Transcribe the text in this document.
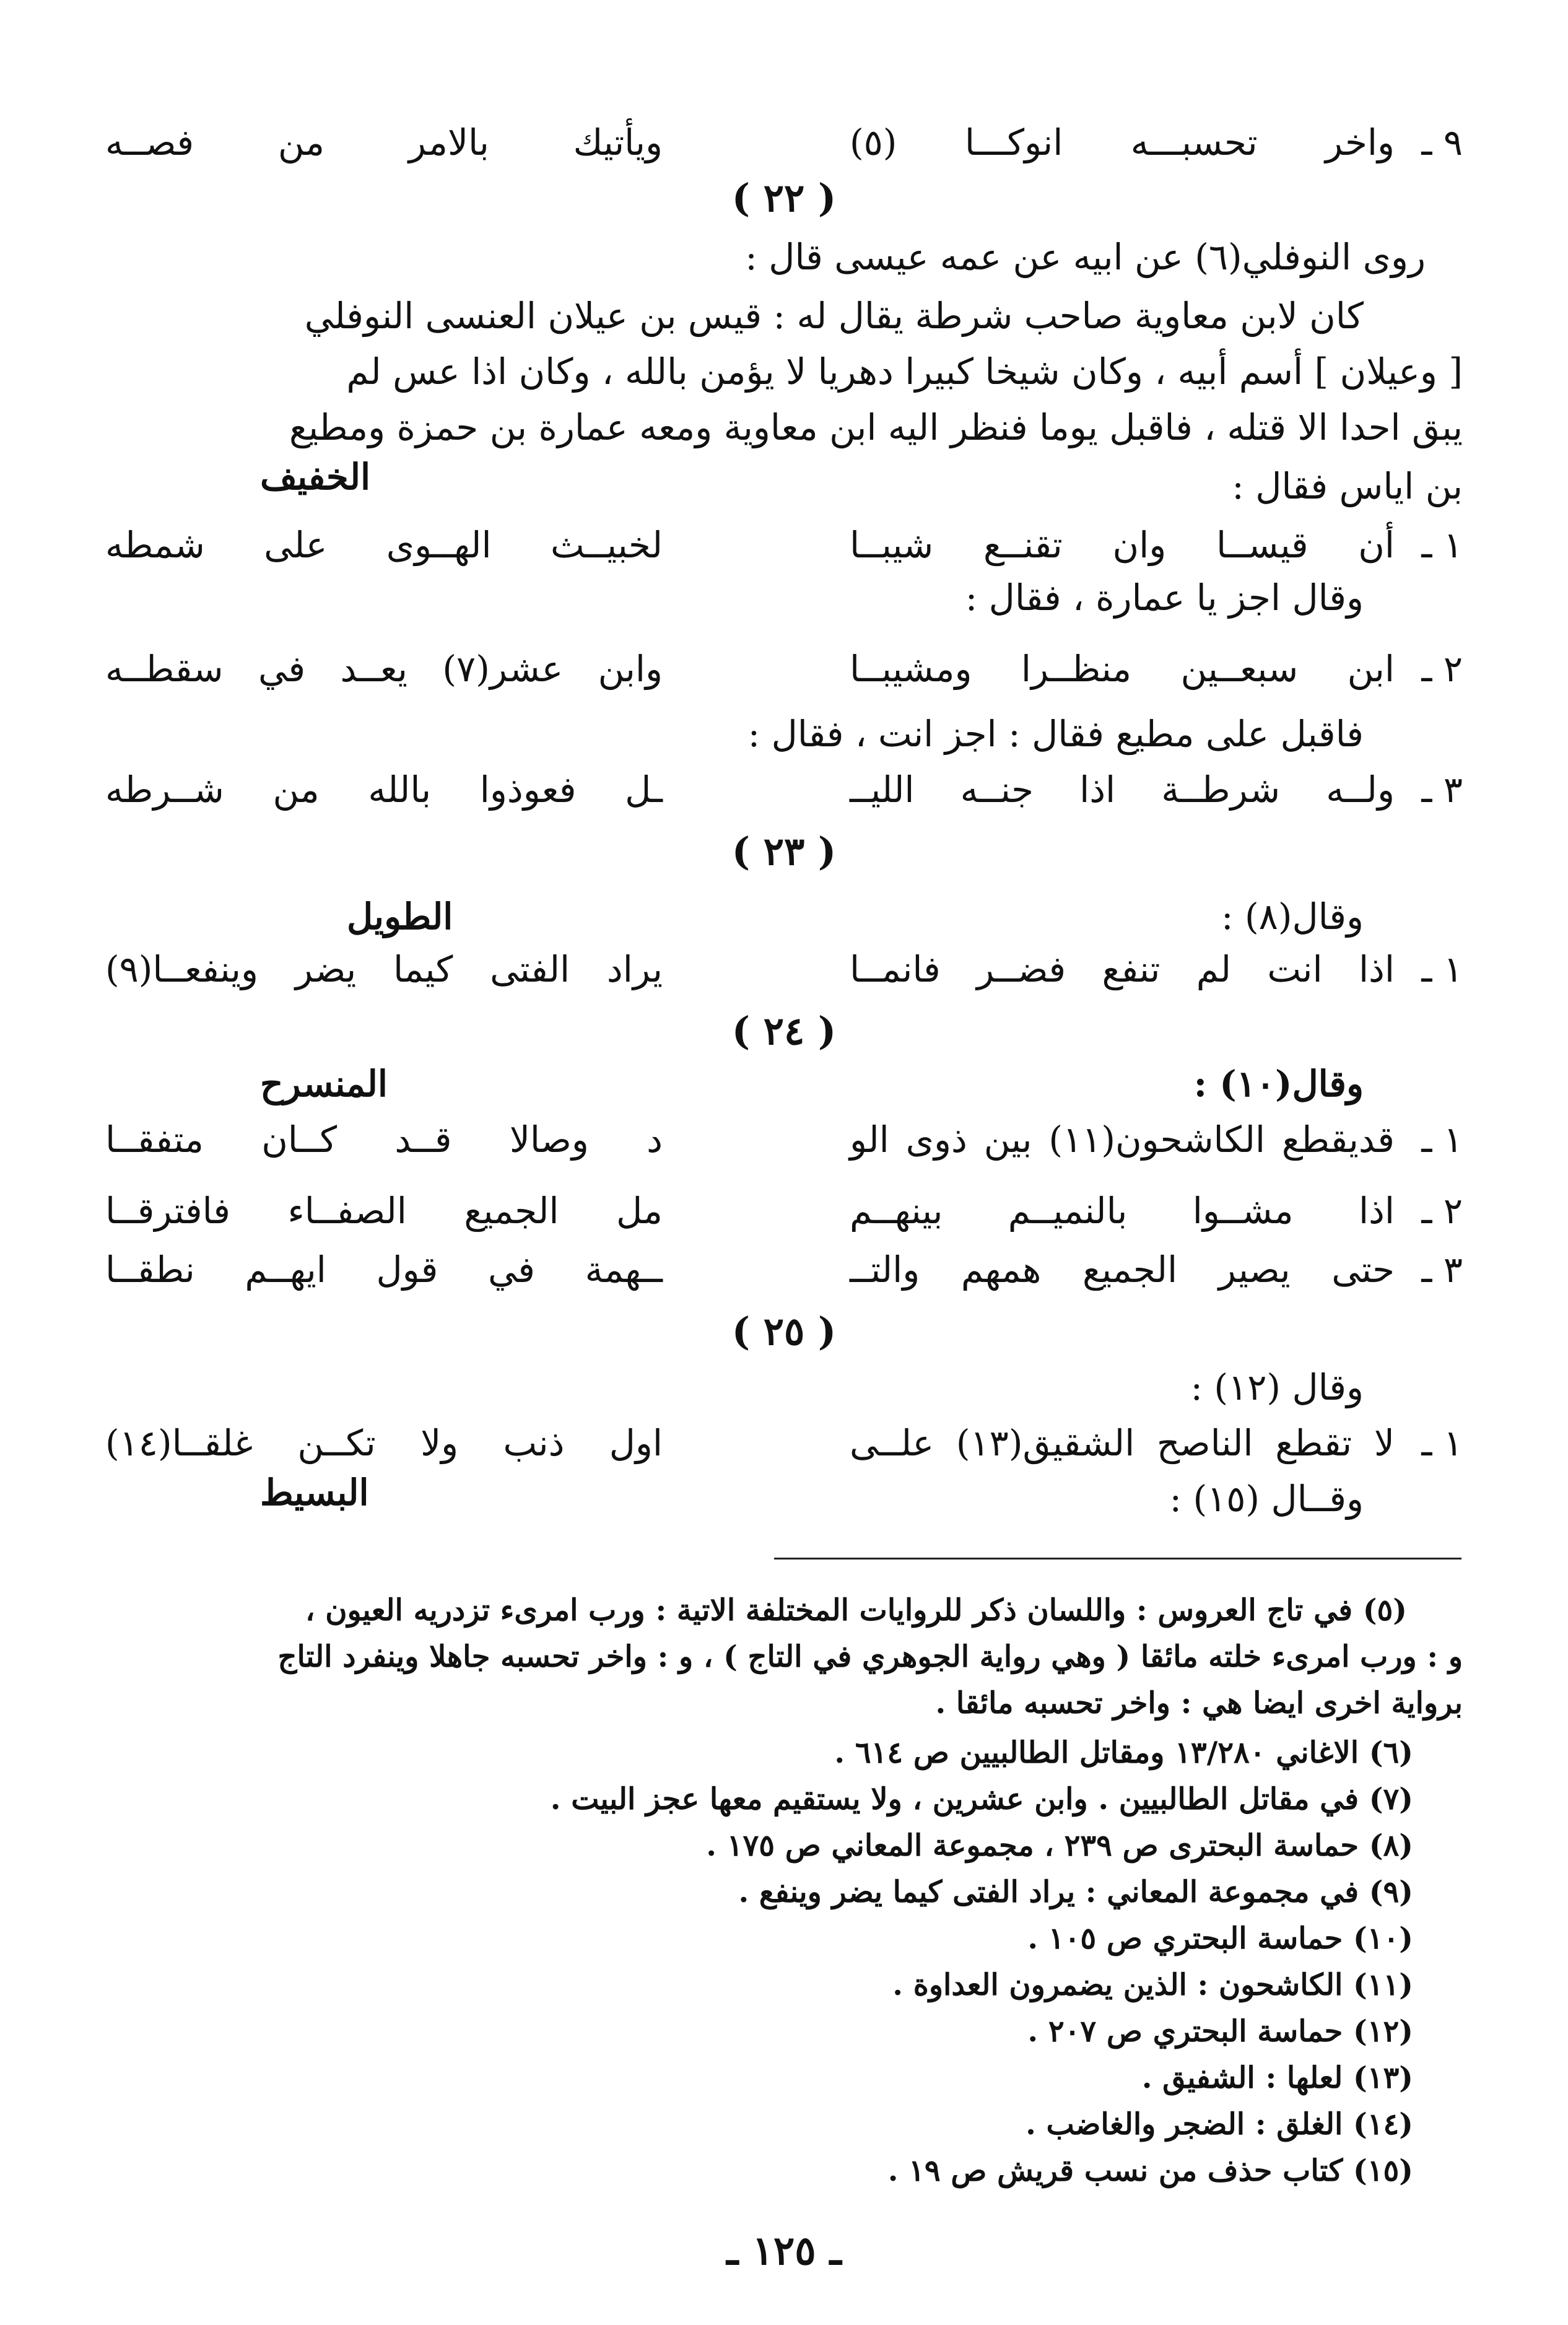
٩ ـ
واخر تحسبـــه انوكـــا (٥)
ويأتيك بالامر من فصــه
( ٢٢ )
روى النوفلي(٦) عن ابيه عن عمه عيسى قال :
كان لابن معاوية صاحب شرطة يقال له : قيس بن عيلان العنسى النوفلي
[ وعيلان ] أسم أبيه ، وكان شيخا كبيرا دهريا لا يؤمن بالله ، وكان اذا عس لم
يبق احدا الا قتله ، فاقبل يوما فنظر اليه ابن معاوية ومعه عمارة بن حمزة ومطيع
بن اياس فقال :
الخفيف
١ ـ
أن قيســا وان تقنــع شيبــا
لخبيــث الهــوى على شمطه
وقال اجز يا عمارة ، فقال :
٢ ـ
ابن سبعــين منظــرا ومشيبــا
وابن عشر(٧) يعــد في سقطــه
فاقبل على مطيع فقال : اجز انت ، فقال :
٣ ـ
ولــه شرطــة اذا جنــه الليــ
ـل فعوذوا بالله من شــرطه
( ٢٣ )
وقال(٨) :
الطويل
١ ـ
اذا انت لم تنفع فضــر فانمــا
يراد الفتى كيما يضر وينفعــا(٩)
( ٢٤ )
وقال(١٠) :
المنسرح
١ ـ
قديقطع الكاشحون(١١) بين ذوى الو
د وصالا قــد كــان متفقــا
٢ ـ
اذا مشــوا بالنميــم بينهــم
مل الجميع الصفــاء فافترقــا
٣ ـ
حتى يصير الجميع همهم والتــ
ــهمة في قول ايهــم نطقــا
( ٢٥ )
وقال (١٢) :
١ ـ
لا تقطع الناصح الشقيق(١٣) علــى
اول ذنب ولا تكــن غلقــا(١٤)
وقــال (١٥) :
البسيط
(٥) في تاج العروس : واللسان ذكر للروايات المختلفة الاتية : ورب امرىء تزدريه العيون ،
و : ورب امرىء خلته مائقا ( وهي رواية الجوهري في التاج ) ، و : واخر تحسبه جاهلا وينفرد التاج
برواية اخرى ايضا هي : واخر تحسبه مائقا .
(٦) الاغاني ١٣/٢٨٠ ومقاتل الطالبيين ص ٦١٤ .
(٧) في مقاتل الطالبيين . وابن عشرين ، ولا يستقيم معها عجز البيت .
(٨) حماسة البحترى ص ٢٣٩ ، مجموعة المعاني ص ١٧٥ .
(٩) في مجموعة المعاني : يراد الفتى كيما يضر وينفع .
(١٠) حماسة البحتري ص ١٠٥ .
(١١) الكاشحون : الذين يضمرون العداوة .
(١٢) حماسة البحتري ص ٢٠٧ .
(١٣) لعلها : الشفيق .
(١٤) الغلق : الضجر والغاضب .
(١٥) كتاب حذف من نسب قريش ص ١٩ .
ـ ١٢٥ ـ
